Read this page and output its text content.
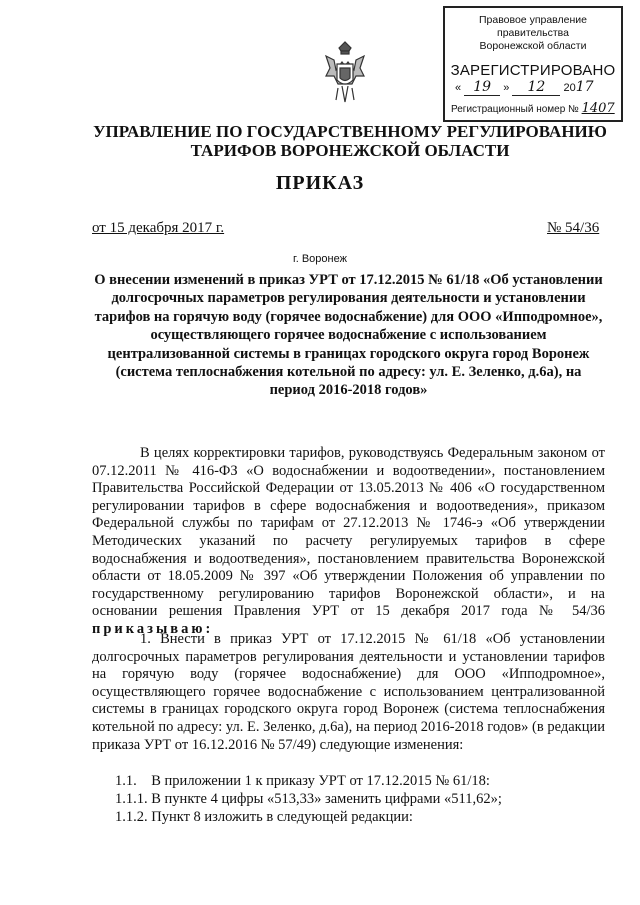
Правовое управление правительства
Воронежской области
ЗАРЕГИСТРИРОВАНО
« 19 » 12 2017
Регистрационный номер № 1407
УПРАВЛЕНИЕ ПО ГОСУДАРСТВЕННОМУ РЕГУЛИРОВАНИЮ
ТАРИФОВ ВОРОНЕЖСКОЙ ОБЛАСТИ
ПРИКАЗ
от 15 декабря 2017 г.	№ 54/36
г. Воронеж
О внесении изменений в приказ УРТ от 17.12.2015 № 61/18 «Об установлении долгосрочных параметров регулирования деятельности и установлении тарифов на горячую воду (горячее водоснабжение) для ООО «Ипподромное», осуществляющего горячее водоснабжение с использованием централизованной системы в границах городского округа город Воронеж (система теплоснабжения котельной по адресу: ул. Е. Зеленко, д.6а), на период 2016-2018 годов»
В целях корректировки тарифов, руководствуясь Федеральным законом от 07.12.2011 № 416-ФЗ «О водоснабжении и водоотведении», постановлением Правительства Российской Федерации от 13.05.2013 № 406 «О государственном регулировании тарифов в сфере водоснабжения и водоотведения», приказом Федеральной службы по тарифам от 27.12.2013 № 1746-э «Об утверждении Методических указаний по расчету регулируемых тарифов в сфере водоснабжения и водоотведения», постановлением правительства Воронежской области от 18.05.2009 № 397 «Об утверждении Положения об управлении по государственному регулированию тарифов Воронежской области», и на основании решения Правления УРТ от 15 декабря 2017 года № 54/36 приказываю:
1. Внести в приказ УРТ от 17.12.2015 № 61/18 «Об установлении долгосрочных параметров регулирования деятельности и установлении тарифов на горячую воду (горячее водоснабжение) для ООО «Ипподромное», осуществляющего горячее водоснабжение с использованием централизованной системы в границах городского округа город Воронеж (система теплоснабжения котельной по адресу: ул. Е. Зеленко, д.6а), на период 2016-2018 годов» (в редакции приказа УРТ от 16.12.2016 № 57/49) следующие изменения:
1.1.    В приложении 1 к приказу УРТ от 17.12.2015 № 61/18:
1.1.1. В пункте 4 цифры «513,33» заменить цифрами «511,62»;
1.1.2. Пункт 8 изложить в следующей редакции:
